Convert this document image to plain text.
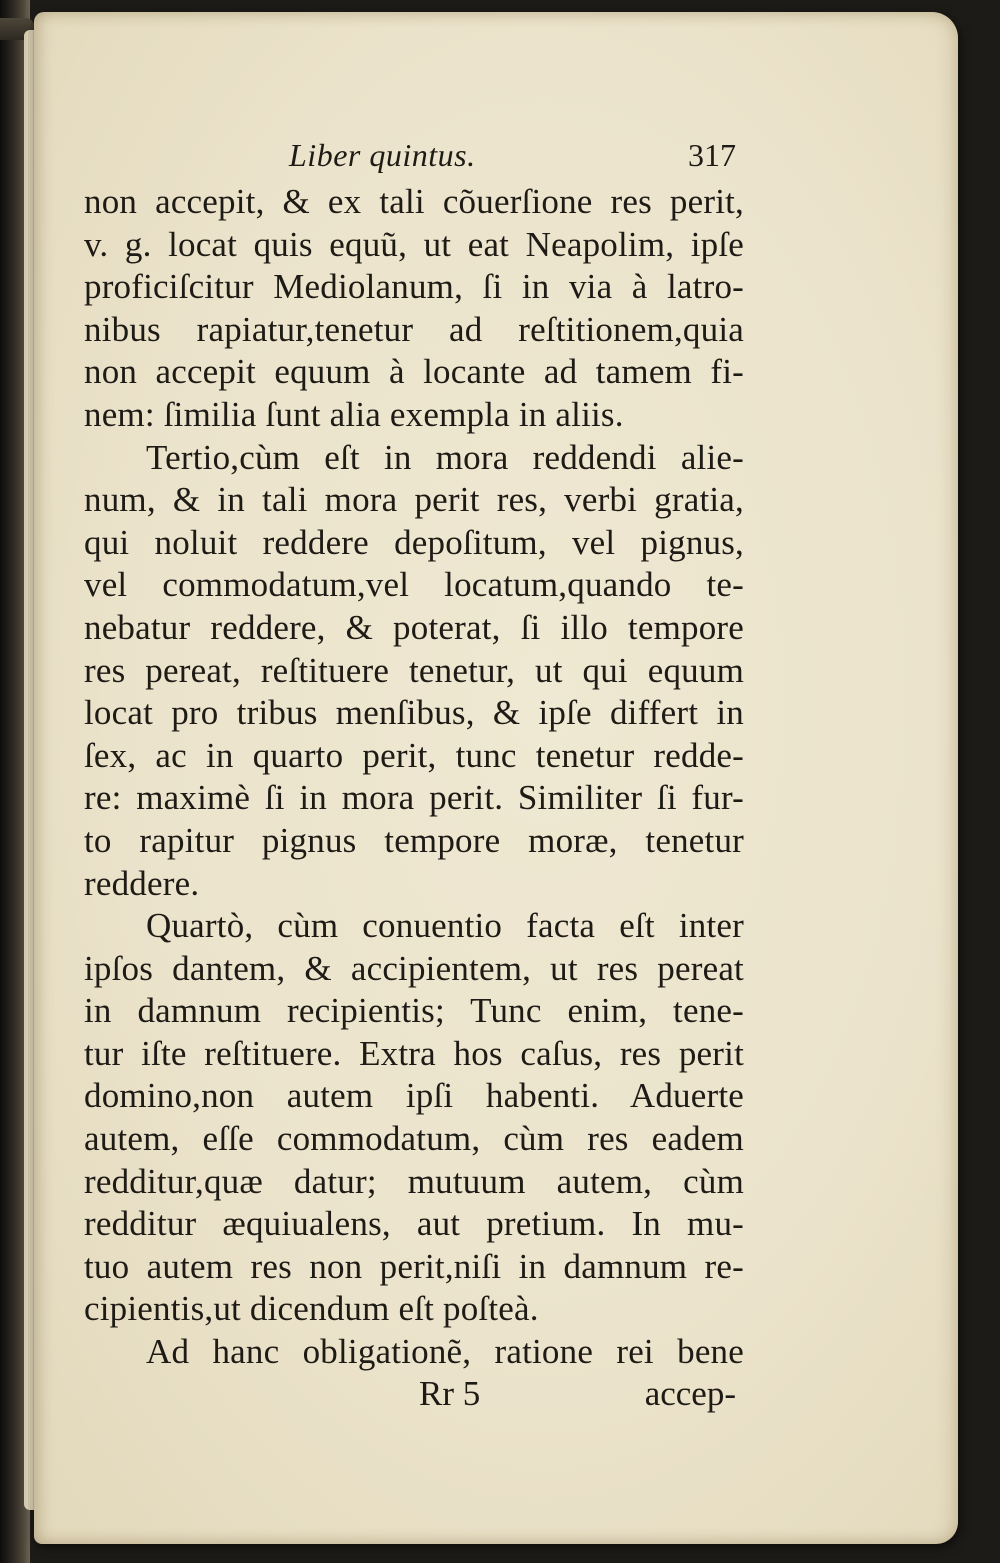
Liber quintus.	317
non accepit, & ex tali cõuerſione res perit,
v. g. locat quis equũ, ut eat Neapolim, ipſe
proficiſcitur Mediolanum, ſi in via à latro-
nibus rapiatur,tenetur ad reſtitionem,quia
non accepit equum à locante ad tamem fi-
nem: ſimilia ſunt alia exempla in aliis.
Tertio,cùm eſt in mora reddendi alie-
num, & in tali mora perit res, verbi gratia,
qui noluit reddere depoſitum, vel pignus,
vel commodatum,vel locatum,quando te-
nebatur reddere, & poterat, ſi illo tempore
res pereat, reſtituere tenetur, ut qui equum
locat pro tribus menſibus, & ipſe differt in
ſex, ac in quarto perit, tunc tenetur redde-
re: maximè ſi in mora perit. Similiter ſi fur-
to rapitur pignus tempore moræ, tenetur
reddere.
Quartò, cùm conuentio facta eſt inter
ipſos dantem, & accipientem, ut res pereat
in damnum recipientis; Tunc enim, tene-
tur iſte reſtituere. Extra hos caſus, res perit
domino,non autem ipſi habenti. Aduerte
autem, eſſe commodatum, cùm res eadem
redditur,quæ datur; mutuum autem, cùm
redditur æquiualens, aut pretium. In mu-
tuo autem res non perit,niſi in damnum re-
cipientis,ut dicendum eſt poſteà.
Ad hanc obligationẽ, ratione rei bene
Rr 5	accep-
